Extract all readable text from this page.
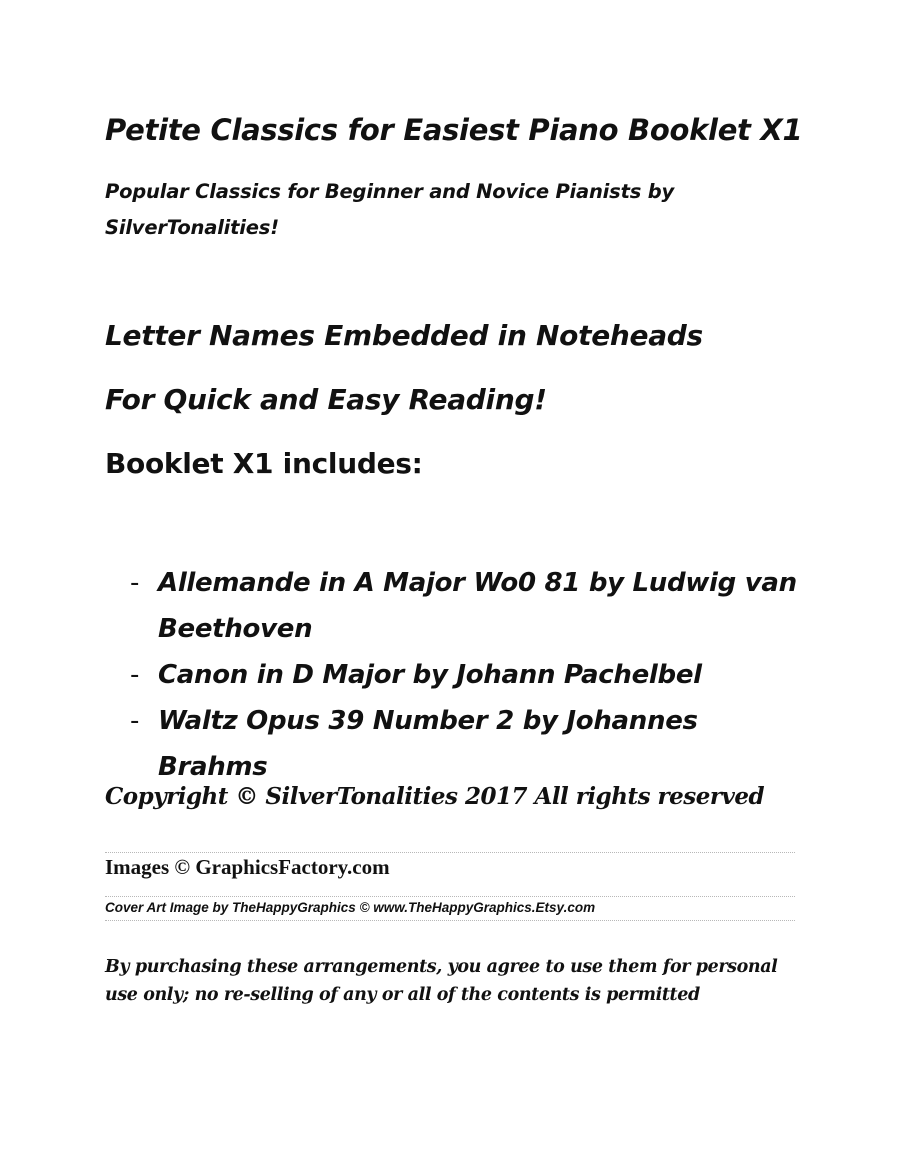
Petite Classics for Easiest Piano Booklet X1
Popular Classics for Beginner and Novice Pianists by SilverTonalities!
Letter Names Embedded in Noteheads
For Quick and Easy Reading!
Booklet X1 includes:
- Allemande in A Major Wo0 81 by Ludwig van Beethoven
- Canon in D Major by Johann Pachelbel
- Waltz Opus 39 Number 2 by Johannes Brahms
Copyright © SilverTonalities 2017 All rights reserved
Images © GraphicsFactory.com
Cover Art Image by TheHappyGraphics © www.TheHappyGraphics.Etsy.com
By purchasing these arrangements, you agree to use them for personal use only; no re-selling of any or all of the contents is permitted
